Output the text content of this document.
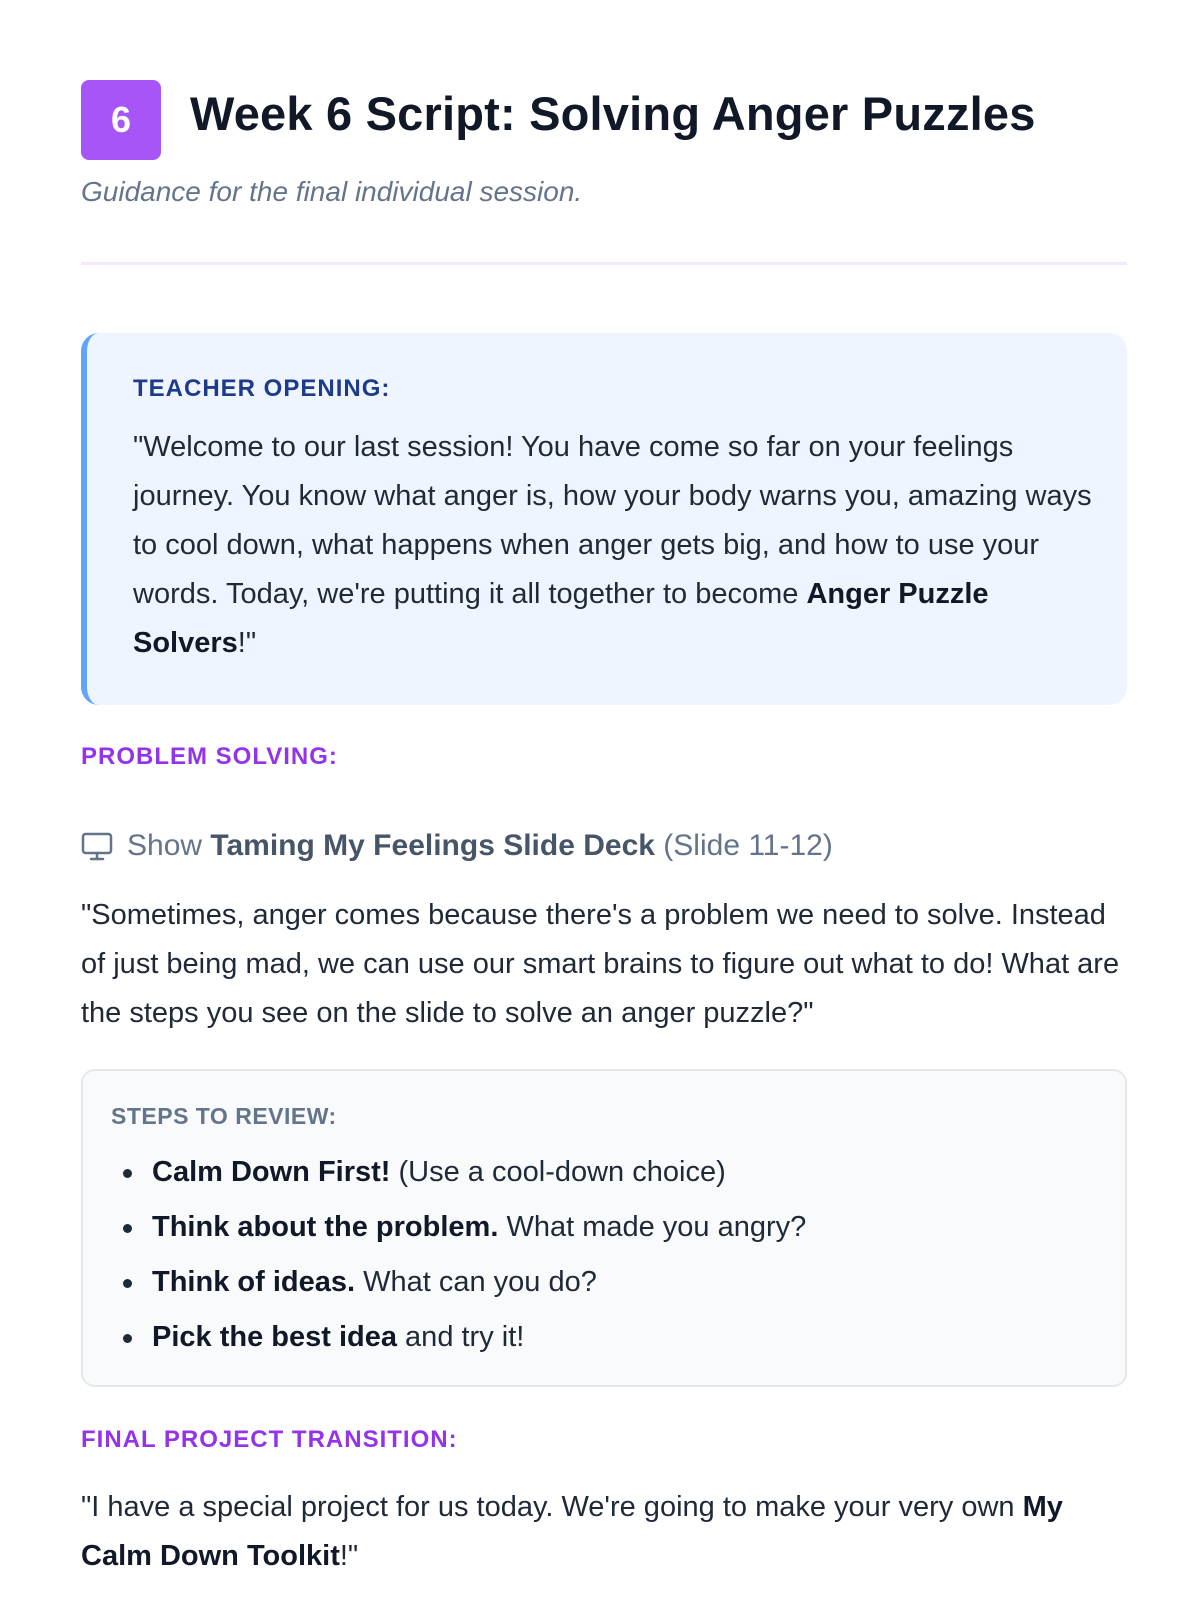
6	Week 6 Script: Solving Anger Puzzles
Guidance for the final individual session.
TEACHER OPENING:

"Welcome to our last session! You have come so far on your feelings journey. You know what anger is, how your body warns you, amazing ways to cool down, what happens when anger gets big, and how to use your words. Today, we're putting it all together to become Anger Puzzle Solvers!"

PROBLEM SOLVING:
Show Taming My Feelings Slide Deck (Slide 11-12)

"Sometimes, anger comes because there's a problem we need to solve. Instead of just being mad, we can use our smart brains to figure out what to do! What are the steps you see on the slide to solve an anger puzzle?"

STEPS TO REVIEW:
Calm Down First! (Use a cool-down choice)
Think about the problem. What made you angry?
Think of ideas. What can you do?
Pick the best idea and try it!
FINAL PROJECT TRANSITION:

"I have a special project for us today. We're going to make your very own My Calm Down Toolkit!"
